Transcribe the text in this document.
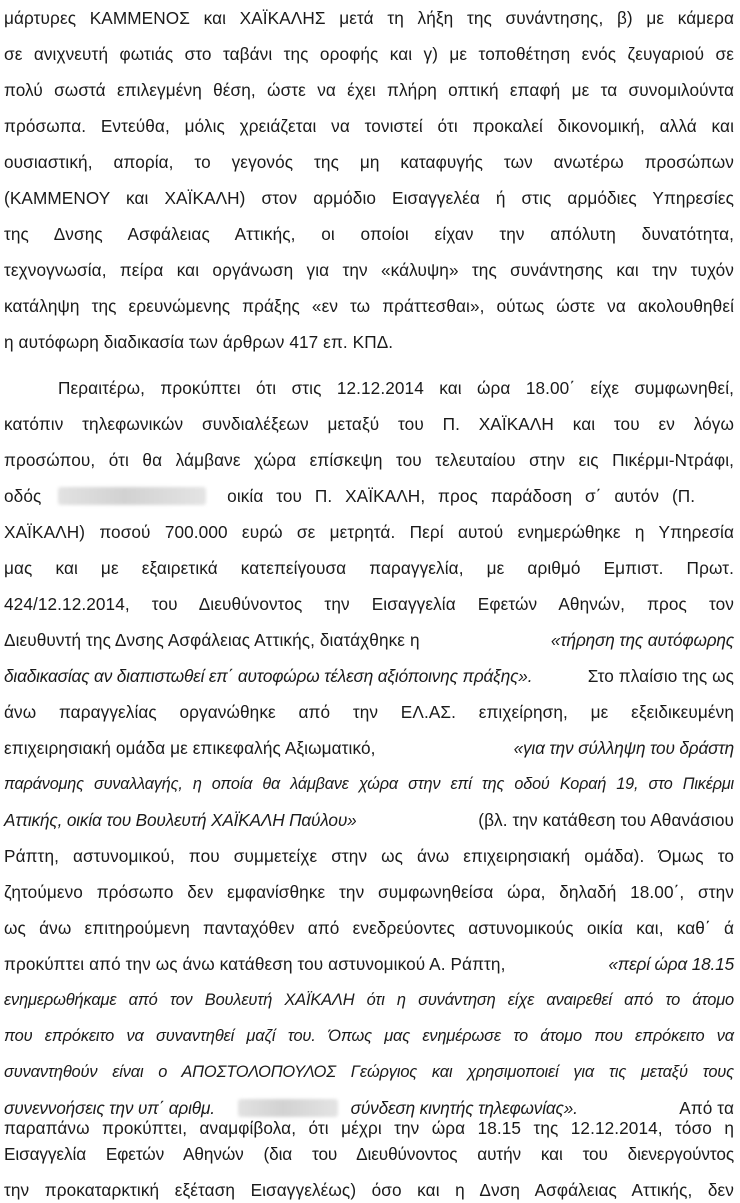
μάρτυρες ΚΑΜΜΕΝΟΣ και ΧΑΪΚΑΛΗΣ μετά τη λήξη της συνάντησης, β) με κάμερα
σε ανιχνευτή φωτιάς στο ταβάνι της οροφής και γ) με τοποθέτηση ενός ζευγαριού σε
πολύ σωστά επιλεγμένη θέση, ώστε να έχει πλήρη οπτική επαφή με τα συνομιλούντα
πρόσωπα. Εντεύθα, μόλις χρειάζεται να τονιστεί ότι προκαλεί δικονομική, αλλά και
ουσιαστική, απορία, το γεγονός της μη καταφυγής των ανωτέρω προσώπων
(ΚΑΜΜΕΝΟΥ και ΧΑΪΚΑΛΗ) στον αρμόδιο Εισαγγελέα ή στις αρμόδιες Υπηρεσίες
της Δνσης Ασφάλειας Αττικής, οι οποίοι είχαν την απόλυτη δυνατότητα,
τεχνογνωσία, πείρα και οργάνωση για την «κάλυψη» της συνάντησης και την τυχόν
κατάληψη της ερευνώμενης πράξης «εν τω πράττεσθαι», ούτως ώστε να ακολουθηθεί
η αυτόφωρη διαδικασία των άρθρων 417 επ. ΚΠΔ.
Περαιτέρω, προκύπτει ότι στις 12.12.2014 και ώρα 18.00΄ είχε συμφωνηθεί,
κατόπιν τηλεφωνικών συνδιαλέξεων μεταξύ του Π. ΧΑΪΚΑΛΗ και του εν λόγω
προσώπου, ότι θα λάμβανε χώρα επίσκεψη του τελευταίου στην εις Πικέρμι-Ντράφι,
οδός	οικία του Π. ΧΑΪΚΑΛΗ, προς παράδοση σ΄ αυτόν (Π.
ΧΑΪΚΑΛΗ) ποσού 700.000 ευρώ σε μετρητά. Περί αυτού ενημερώθηκε η Υπηρεσία
μας και με εξαιρετικά κατεπείγουσα παραγγελία, με αριθμό Εμπιστ. Πρωτ.
424/12.12.2014, του Διευθύνοντος την Εισαγγελία Εφετών Αθηνών, προς τον
Διευθυντή της Δνσης Ασφάλειας Αττικής, διατάχθηκε η	«τήρηση της αυτόφωρης
διαδικασίας αν διαπιστωθεί επ΄ αυτοφώρω τέλεση αξιόποινης πράξης».	Στο πλαίσιο της ως
άνω παραγγελίας οργανώθηκε από την ΕΛ.ΑΣ. επιχείρηση, με εξειδικευμένη
επιχειρησιακή ομάδα με επικεφαλής Αξιωματικό,	«για την σύλληψη του δράστη
παράνομης συναλλαγής, η οποία θα λάμβανε χώρα στην επί της οδού Κοραή 19, στο Πικέρμι
Αττικής, οικία του Βουλευτή ΧΑΪΚΑΛΗ Παύλου»	(βλ. την κατάθεση του Αθανάσιου
Ράπτη, αστυνομικού, που συμμετείχε στην ως άνω επιχειρησιακή ομάδα). Όμως το
ζητούμενο πρόσωπο δεν εμφανίσθηκε την συμφωνηθείσα ώρα, δηλαδή 18.00΄, στην
ως άνω επιτηρούμενη πανταχόθεν από ενεδρεύοντες αστυνομικούς οικία και, καθ΄ ά
προκύπτει από την ως άνω κατάθεση του αστυνομικού Α. Ράπτη,	«περί ώρα 18.15
ενημερωθήκαμε από τον Βουλευτή ΧΑΪΚΑΛΗ ότι η συνάντηση είχε αναιρεθεί από το άτομο
που επρόκειτο να συναντηθεί μαζί του. Όπως μας ενημέρωσε το άτομο που επρόκειτο να
συναντηθούν είναι ο ΑΠΟΣΤΟΛΟΠΟΥΛΟΣ Γεώργιος και χρησιμοποιεί για τις μεταξύ τους
συνεννοήσεις την υπ΄ αριθμ.	σύνδεση κινητής τηλεφωνίας».	Από τα
παραπάνω προκύπτει, αναμφίβολα, ότι μέχρι την ώρα 18.15 της 12.12.2014, τόσο η
Εισαγγελία Εφετών Αθηνών (δια του Διευθύνοντος αυτήν και του διενεργούντος
την προκαταρκτική εξέταση Εισαγγελέως) όσο και η Δνση Ασφάλειας Αττικής, δεν
